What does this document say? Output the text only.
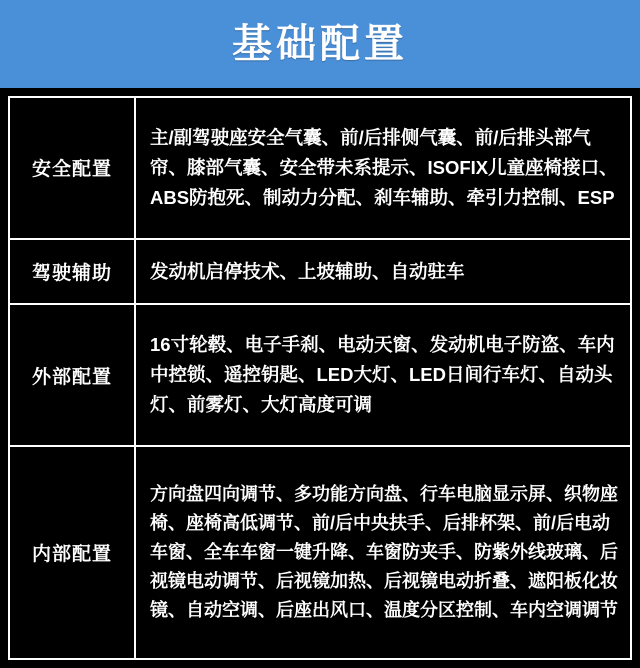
基础配置
安全配置	主/副驾驶座安全气囊、前/后排侧气囊、前/后排头部气帘、膝部气囊、安全带未系提示、ISOFIX儿童座椅接口、ABS防抱死、制动力分配、刹车辅助、牵引力控制、ESP
驾驶辅助	发动机启停技术、上坡辅助、自动驻车
外部配置	16寸轮毂、电子手刹、电动天窗、发动机电子防盗、车内中控锁、遥控钥匙、LED大灯、LED日间行车灯、自动头灯、前雾灯、大灯高度可调
内部配置	方向盘四向调节、多功能方向盘、行车电脑显示屏、织物座椅、座椅高低调节、前/后中央扶手、后排杯架、前/后电动车窗、全车车窗一键升降、车窗防夹手、防紫外线玻璃、后视镜电动调节、后视镜加热、后视镜电动折叠、遮阳板化妆镜、自动空调、后座出风口、温度分区控制、车内空调调节
